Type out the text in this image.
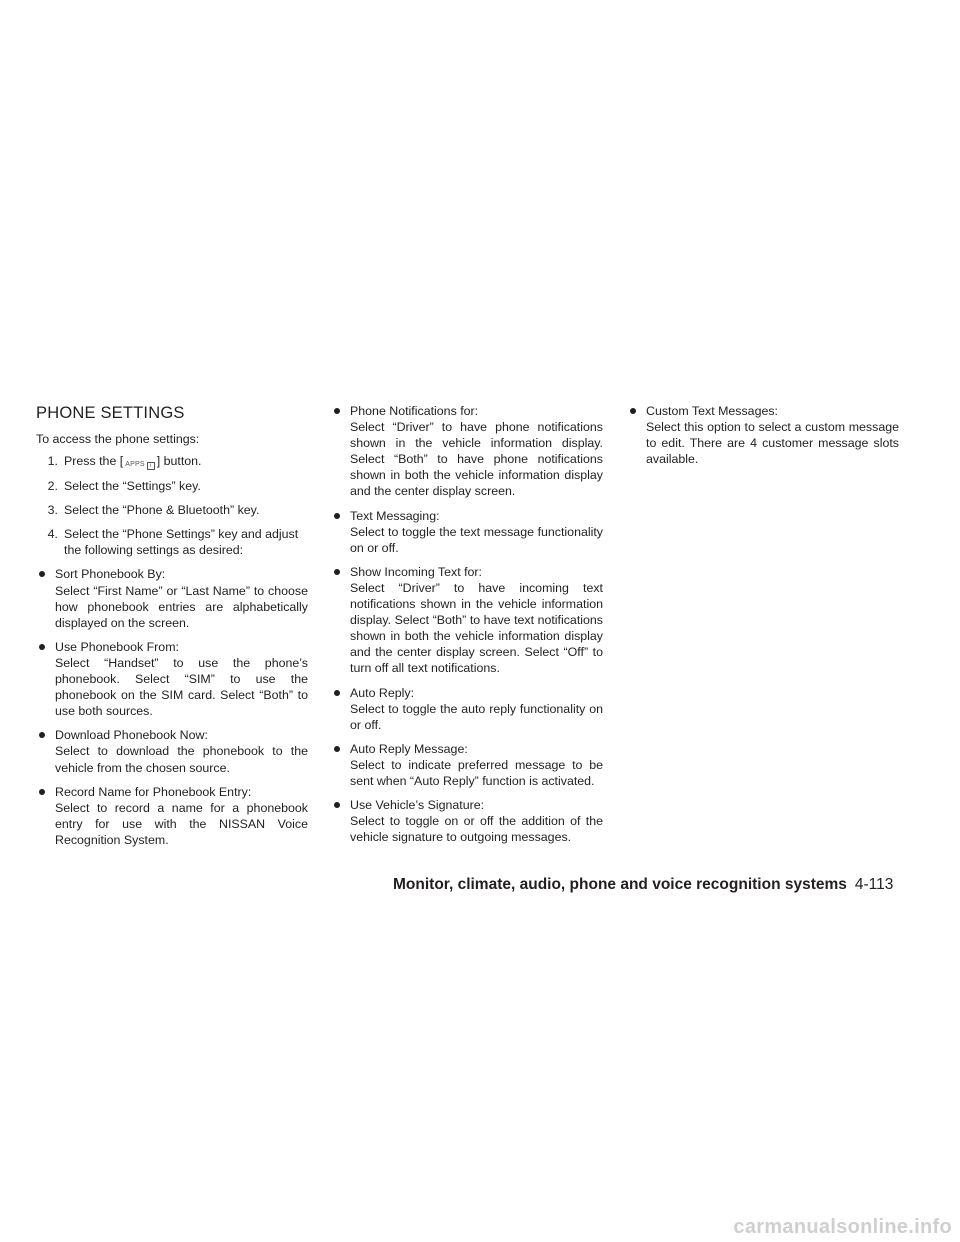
PHONE SETTINGS

To access the phone settings:

1. Press the [ APPS i ] button.
2. Select the “Settings” key.
3. Select the “Phone & Bluetooth” key.
4. Select the “Phone Settings” key and adjust the following settings as desired:

Sort Phonebook By:

Select “First Name” or “Last Name” to choose how phonebook entries are alphabetically displayed on the screen.

Use Phonebook From:

Select “Handset” to use the phone’s phonebook. Select “SIM” to use the phonebook on the SIM card. Select “Both” to use both sources.

Download Phonebook Now:

Select to download the phonebook to the vehicle from the chosen source.

Record Name for Phonebook Entry:

Select to record a name for a phonebook entry for use with the NISSAN Voice Recognition System.

Phone Notifications for:

Select “Driver” to have phone notifications shown in the vehicle information display. Select “Both” to have phone notifications shown in both the vehicle information display and the center display screen.

Text Messaging:

Select to toggle the text message functionality on or off.

Show Incoming Text for:

Select “Driver” to have incoming text notifications shown in the vehicle information display. Select “Both” to have text notifications shown in both the vehicle information display and the center display screen. Select “Off” to turn off all text notifications.

Auto Reply:

Select to toggle the auto reply functionality on or off.

Auto Reply Message:

Select to indicate preferred message to be sent when “Auto Reply” function is activated.

Use Vehicle’s Signature:

Select to toggle on or off the addition of the vehicle signature to outgoing messages.

Custom Text Messages:

Select this option to select a custom message to edit. There are 4 customer message slots available.

Monitor, climate, audio, phone and voice recognition systems 4-113
carmanualsonline.info
